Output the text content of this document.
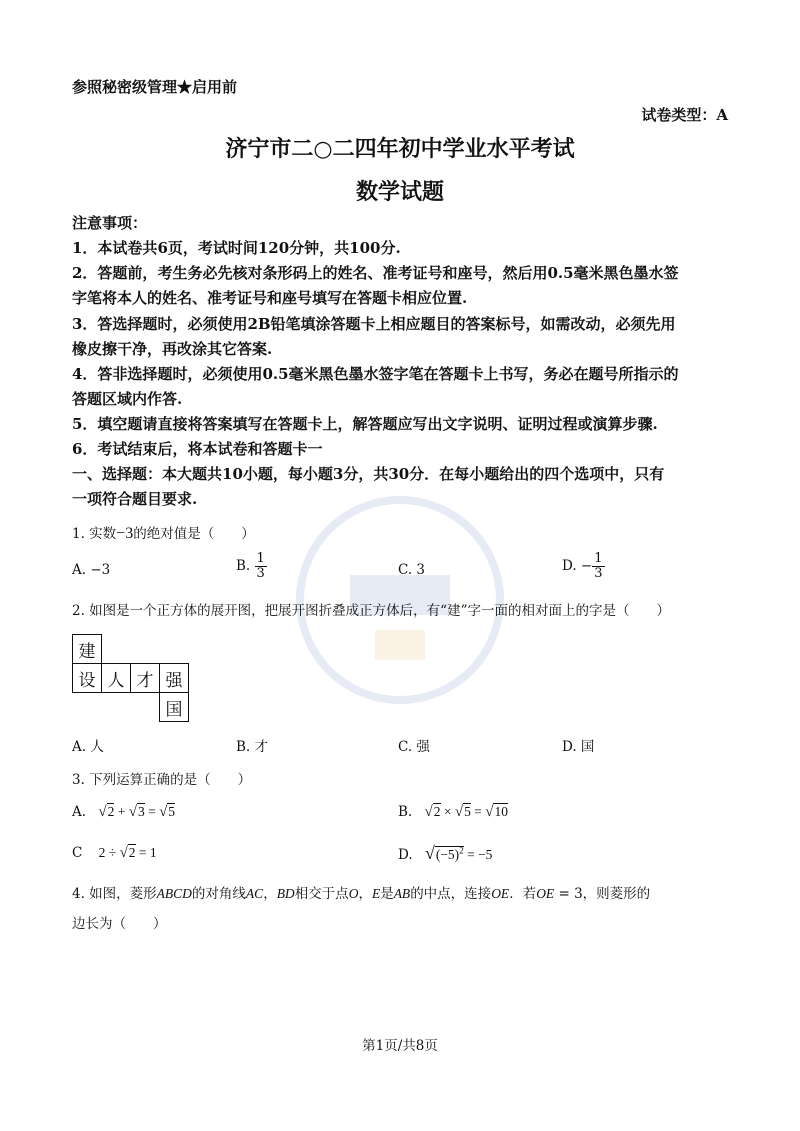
参照秘密级管理★启用前
试卷类型：A
济宁市二○二四年初中学业水平考试
数学试题
注意事项：
1．本试卷共6页，考试时间120分钟，共100分.
2．答题前，考生务必先核对条形码上的姓名、准考证号和座号，然后用0.5毫米黑色墨水签
字笔将本人的姓名、准考证号和座号填写在答题卡相应位置.
3．答选择题时，必须使用2B铅笔填涂答题卡上相应题目的答案标号，如需改动，必须先用
橡皮擦干净，再改涂其它答案.
4．答非选择题时，必须使用0.5毫米黑色墨水签字笔在答题卡上书写，务必在题号所指示的
答题区域内作答.
5．填空题请直接将答案填写在答题卡上，解答题应写出文字说明、证明过程或演算步骤.
6．考试结束后，将本试卷和答题卡一
一、选择题：本大题共10小题，每小题3分，共30分．在每小题给出的四个选项中，只有
一项符合题目要求.
1. 实数−3的绝对值是（　　）
A. −3	B. $\frac{1}{3}$	C. 3	D. − $\frac{1}{3}$
2. 如图是一个正方体的展开图，把展开图折叠成正方体后，有“建”字一面的相对面上的字是（　　）
建			
设	人	才	强
			国
A. 人	B. 才	C. 强	D. 国
3. 下列运算正确的是（　　）
A. √2 + √3 = √5	B. √2 × √5 = √10
C 2 ÷ √2 = 1	D. $√(-5)^2 = -5$
4. 如图，菱形ABCD的对角线AC，BD相交于点O，E是AB的中点，连接OE．若OE = 3，则菱形的
边长为（　　）
第1页/共8页
